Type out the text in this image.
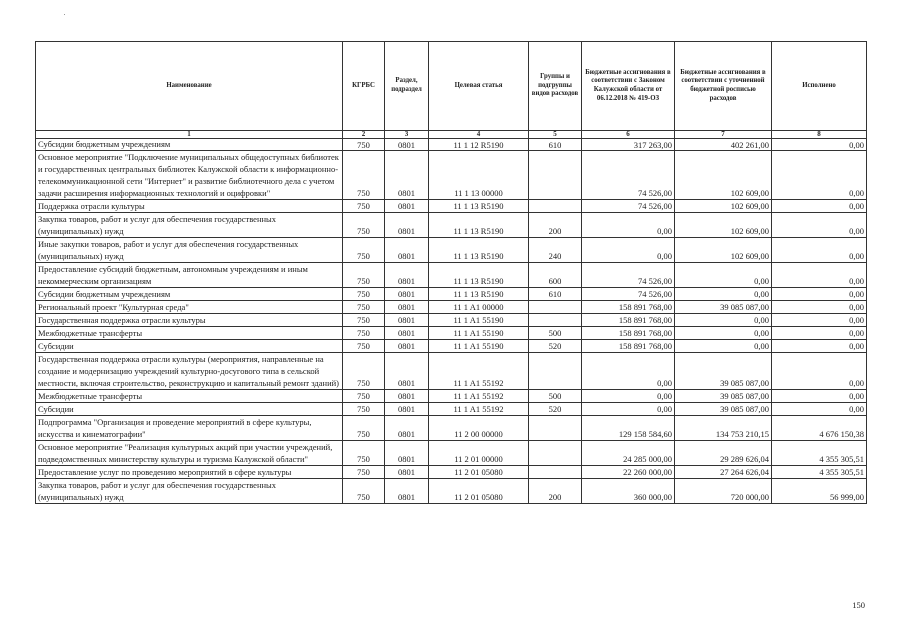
Наименование	КГРБС	Раздел, подраздел	Целевая статья	Группы и подгруппы видов расходов	Бюджетные ассигнования в соответствии с Законом Калужской области от 06.12.2018 № 419-ОЗ	Бюджетные ассигнования в соответствии с уточненной бюджетной росписью расходов	Исполнено
1	2	3	4	5	6	7	8
Субсидии бюджетным учреждениям	750	0801	11 1 12 R5190	610	317 263,00	402 261,00	0,00
Основное мероприятие "Подключение муниципальных общедоступных библиотек и государственных центральных библиотек Калужской области к информационно-телекоммуникационной сети "Интернет" и развитие библиотечного дела с учетом задачи расширения информационных технологий и оцифровки"	750	0801	11 1 13 00000		74 526,00	102 609,00	0,00
Поддержка отрасли культуры	750	0801	11 1 13 R5190		74 526,00	102 609,00	0,00
Закупка товаров, работ и услуг для обеспечения государственных (муниципальных) нужд	750	0801	11 1 13 R5190	200	0,00	102 609,00	0,00
Иные закупки товаров, работ и услуг для обеспечения государственных (муниципальных) нужд	750	0801	11 1 13 R5190	240	0,00	102 609,00	0,00
Предоставление субсидий бюджетным, автономным учреждениям и иным некоммерческим организациям	750	0801	11 1 13 R5190	600	74 526,00	0,00	0,00
Субсидии бюджетным учреждениям	750	0801	11 1 13 R5190	610	74 526,00	0,00	0,00
Региональный проект "Культурная среда"	750	0801	11 1 A1 00000		158 891 768,00	39 085 087,00	0,00
Государственная поддержка отрасли культуры	750	0801	11 1 A1 55190		158 891 768,00	0,00	0,00
Межбюджетные трансферты	750	0801	11 1 A1 55190	500	158 891 768,00	0,00	0,00
Субсидии	750	0801	11 1 A1 55190	520	158 891 768,00	0,00	0,00
Государственная поддержка отрасли культуры (мероприятия, направленные на создание и модернизацию учреждений культурно-досугового типа в сельской местности, включая строительство, реконструкцию и капитальный ремонт зданий)	750	0801	11 1 A1 55192		0,00	39 085 087,00	0,00
Межбюджетные трансферты	750	0801	11 1 A1 55192	500	0,00	39 085 087,00	0,00
Субсидии	750	0801	11 1 A1 55192	520	0,00	39 085 087,00	0,00
Подпрограмма "Организация и проведение мероприятий в сфере культуры, искусства и кинематографии"	750	0801	11 2 00 00000		129 158 584,60	134 753 210,15	4 676 150,38
Основное мероприятие "Реализация культурных акций при участии учреждений, подведомственных министерству культуры и туризма Калужской области"	750	0801	11 2 01 00000		24 285 000,00	29 289 626,04	4 355 305,51
Предоставление услуг по проведению мероприятий в сфере культуры	750	0801	11 2 01 05080		22 260 000,00	27 264 626,04	4 355 305,51
Закупка товаров, работ и услуг для обеспечения государственных (муниципальных) нужд	750	0801	11 2 01 05080	200	360 000,00	720 000,00	56 999,00
150
